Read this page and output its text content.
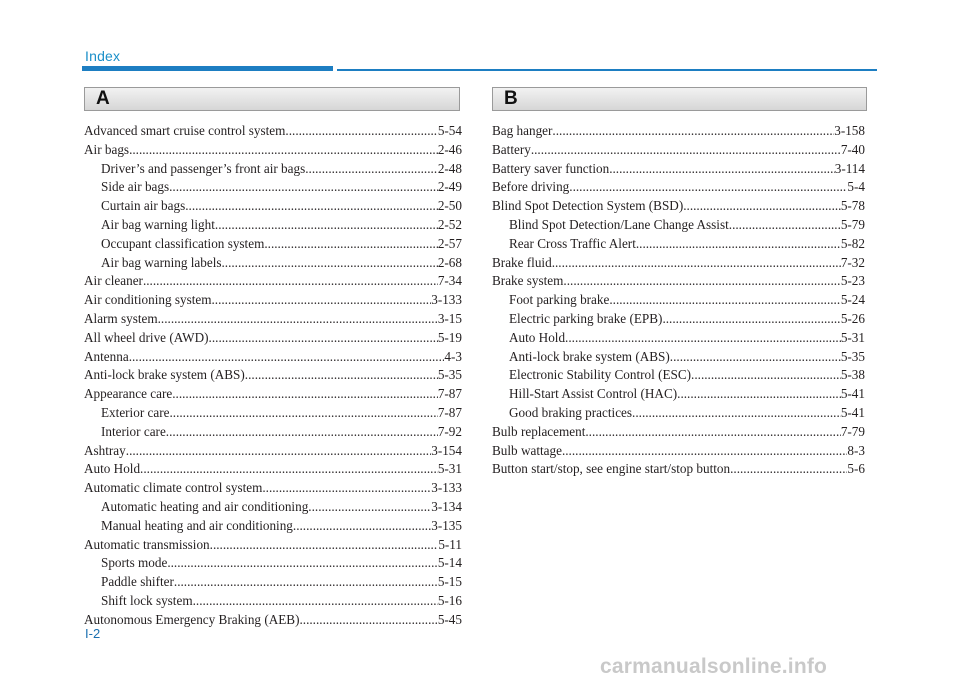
Index
A	B
Advanced smart cruise control system .....	5-54
Air bags .....	2-46
Driver’s and passenger’s front air bags .....	2-48
Side air bags .....	2-49
Curtain air bags .....	2-50
Air bag warning light .....	2-52
Occupant classification system .....	2-57
Air bag warning labels .....	2-68
Air cleaner .....	7-34
Air conditioning system .....	3-133
Alarm system .....	3-15
All wheel drive (AWD) .....	5-19
Antenna .....	4-3
Anti-lock brake system (ABS) .....	5-35
Appearance care .....	7-87
Exterior care .....	7-87
Interior care .....	7-92
Ashtray .....	3-154
Auto Hold .....	5-31
Automatic climate control system .....	3-133
Automatic heating and air conditioning .....	3-134
Manual heating and air conditioning .....	3-135
Automatic transmission .....	5-11
Sports mode .....	5-14
Paddle shifter .....	5-15
Shift lock system .....	5-16
Autonomous Emergency Braking (AEB) .....	5-45
Bag hanger .....	3-158
Battery .....	7-40
Battery saver function .....	3-114
Before driving .....	5-4
Blind Spot Detection System (BSD) .....	5-78
Blind Spot Detection/Lane Change Assist .....	5-79
Rear Cross Traffic Alert .....	5-82
Brake fluid .....	7-32
Brake system .....	5-23
Foot parking brake .....	5-24
Electric parking brake (EPB) .....	5-26
Auto Hold .....	5-31
Anti-lock brake system (ABS) .....	5-35
Electronic Stability Control (ESC) .....	5-38
Hill-Start Assist Control (HAC) .....	5-41
Good braking practices .....	5-41
Bulb replacement .....	7-79
Bulb wattage .....	8-3
Button start/stop, see engine start/stop button .....	5-6
I-2
carmanualsonline.info
